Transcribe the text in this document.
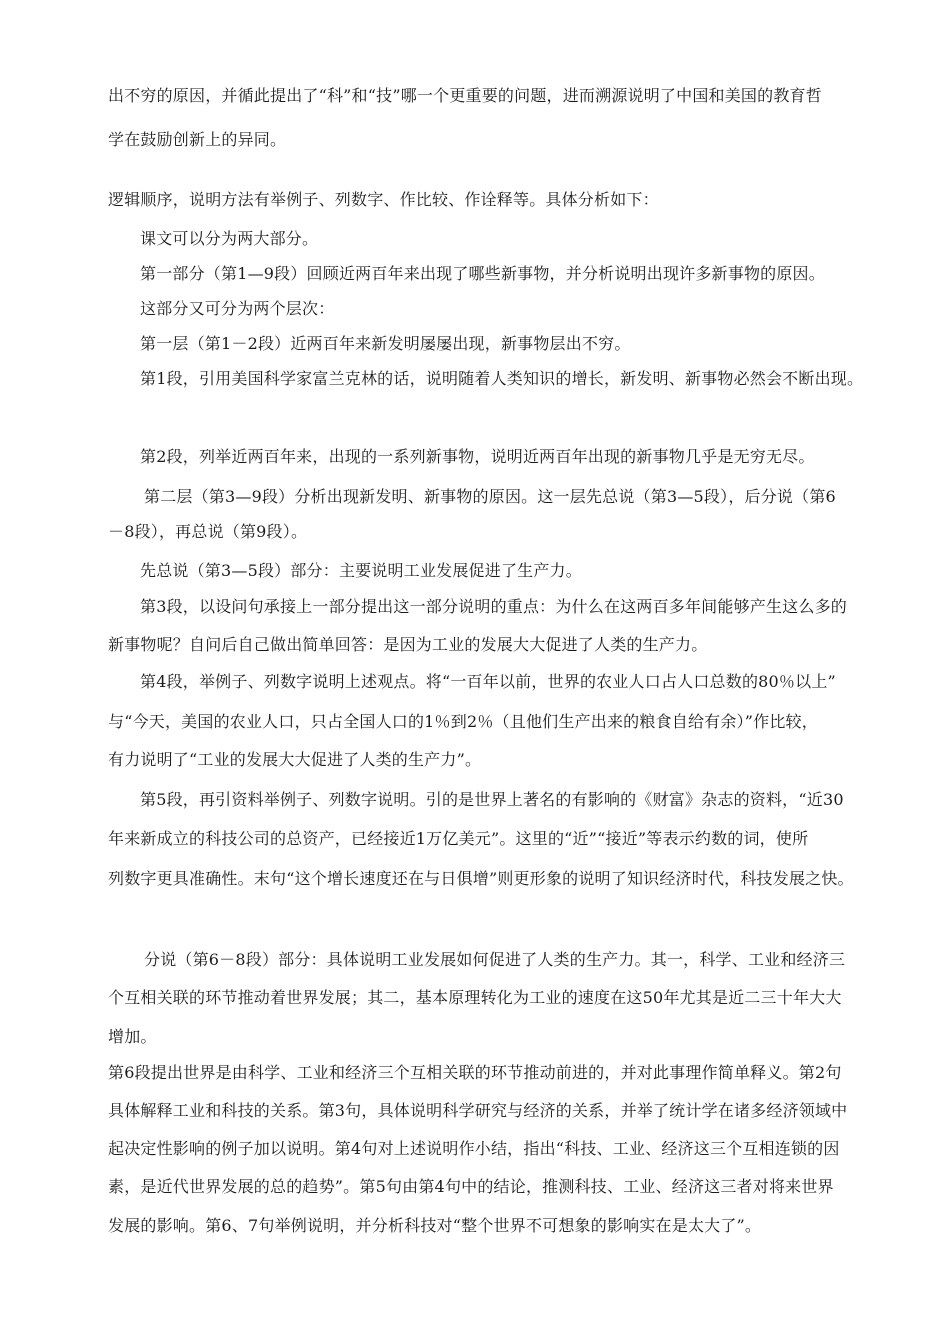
出不穷的原因，并循此提出了“科”和“技”哪一个更重要的问题，进而溯源说明了中国和美国的教育哲
学在鼓励创新上的异同。
逻辑顺序，说明方法有举例子、列数字、作比较、作诠释等。具体分析如下：
课文可以分为两大部分。
第一部分（第1—9段）回顾近两百年来出现了哪些新事物，并分析说明出现许多新事物的原因。
这部分又可分为两个层次：
第一层（第1－2段）近两百年来新发明屡屡出现，新事物层出不穷。
第1段，引用美国科学家富兰克林的话，说明随着人类知识的增长，新发明、新事物必然会不断出现。
第2段，列举近两百年来，出现的一系列新事物，说明近两百年出现的新事物几乎是无穷无尽。
第二层（第3—9段）分析出现新发明、新事物的原因。这一层先总说（第3—5段），后分说（第6
－8段），再总说（第9段）。
先总说（第3—5段）部分：主要说明工业发展促进了生产力。
第3段，以设问句承接上一部分提出这一部分说明的重点：为什么在这两百多年间能够产生这么多的
新事物呢？自问后自己做出简单回答：是因为工业的发展大大促进了人类的生产力。
第4段，举例子、列数字说明上述观点。将“一百年以前，世界的农业人口占人口总数的80％以上”
与“今天，美国的农业人口，只占全国人口的1％到2％（且他们生产出来的粮食自给有余）”作比较，
有力说明了“工业的发展大大促进了人类的生产力”。
第5段，再引资料举例子、列数字说明。引的是世界上著名的有影响的《财富》杂志的资料，“近30
年来新成立的科技公司的总资产，已经接近1万亿美元”。这里的“近”“接近”等表示约数的词，使所
列数字更具准确性。末句“这个增长速度还在与日俱增”则更形象的说明了知识经济时代，科技发展之快。
分说（第6－8段）部分：具体说明工业发展如何促进了人类的生产力。其一，科学、工业和经济三
个互相关联的环节推动着世界发展；其二，基本原理转化为工业的速度在这50年尤其是近二三十年大大
增加。
第6段提出世界是由科学、工业和经济三个互相关联的环节推动前进的，并对此事理作简单释义。第2句
具体解释工业和科技的关系。第3句，具体说明科学研究与经济的关系，并举了统计学在诸多经济领域中
起决定性影响的例子加以说明。第4句对上述说明作小结，指出“科技、工业、经济这三个互相连锁的因
素，是近代世界发展的总的趋势”。第5句由第4句中的结论，推测科技、工业、经济这三者对将来世界
发展的影响。第6、7句举例说明，并分析科技对“整个世界不可想象的影响实在是太大了”。
